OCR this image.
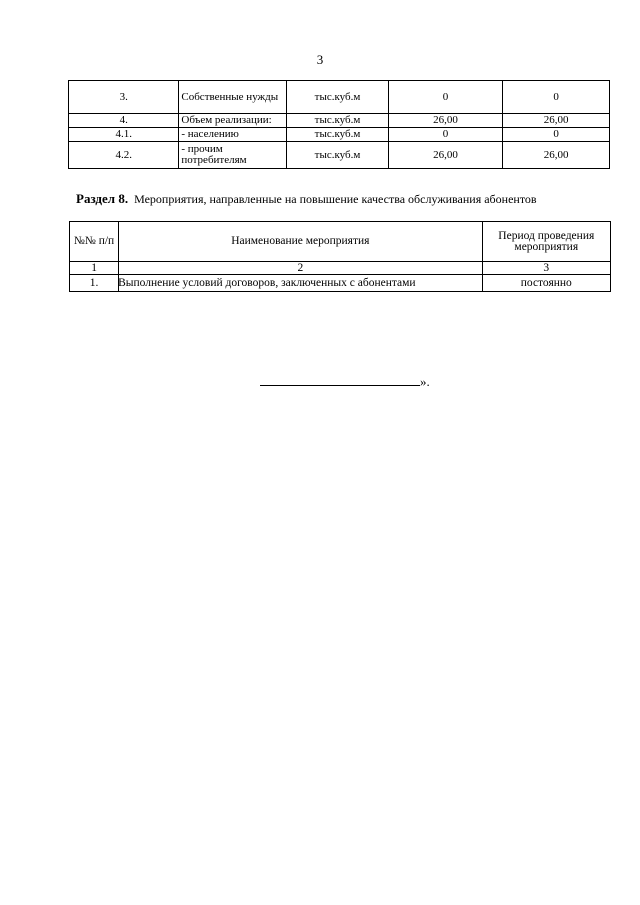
3
3.	Собственные нужды	тыс.куб.м	0	0
4.	Объем реализации:	тыс.куб.м	26,00	26,00
4.1.	- населению	тыс.куб.м	0	0
4.2.	- прочим потребителям	тыс.куб.м	26,00	26,00
Раздел 8. Мероприятия, направленные на повышение качества обслуживания абонентов
№№ п/п	Наименование мероприятия	Период проведения мероприятия
1	2	3
1.	Выполнение условий договоров, заключенных с абонентами	постоянно
».
